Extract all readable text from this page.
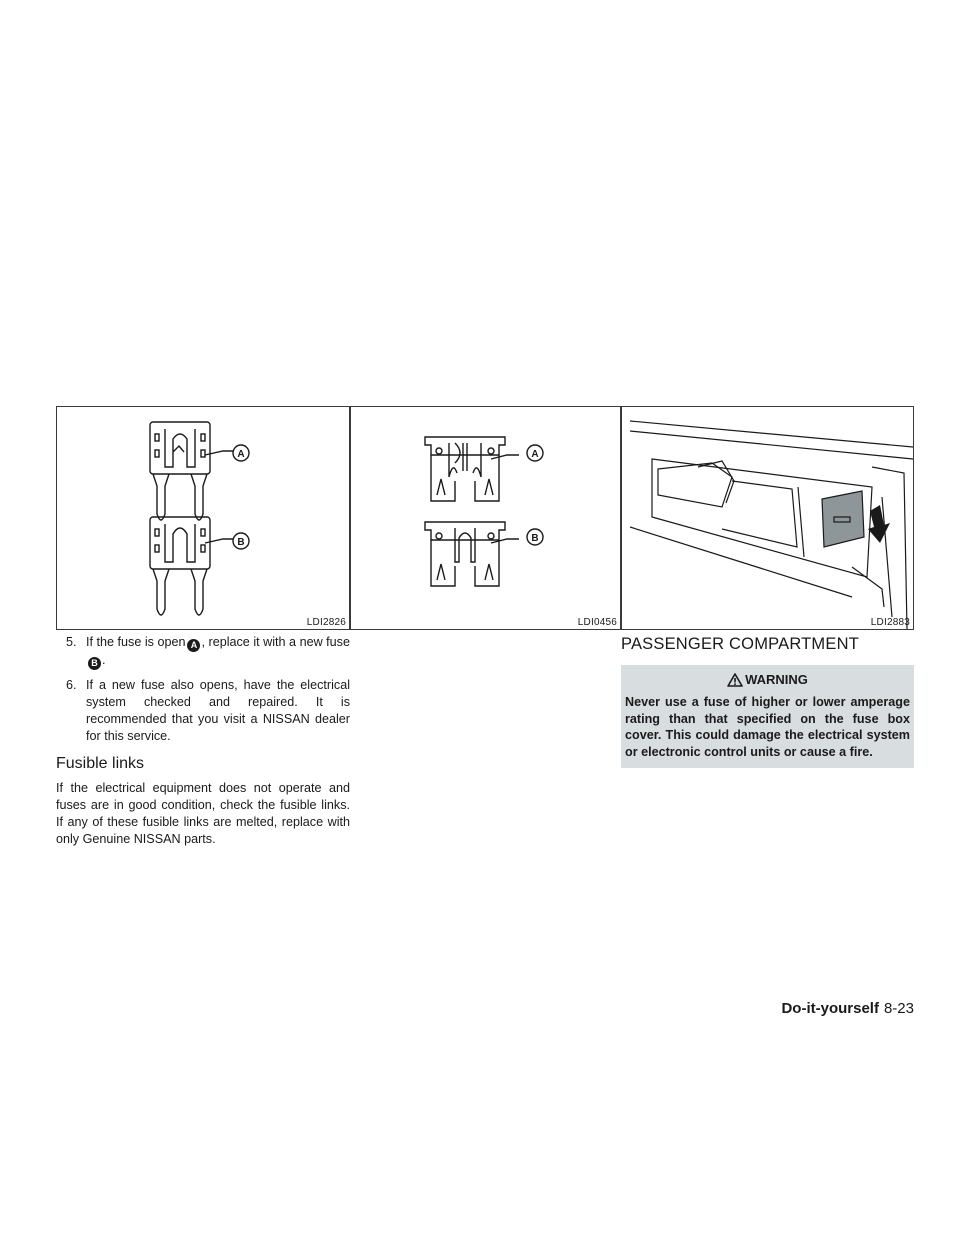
A
B
LDI2826
A
B
LDI0456	LDI2883
5. If the fuse is open A , replace it with a new fuseB .
6. If a new fuse also opens, have the electrical system checked and repaired. It is recommended that you visit a NISSAN dealer for this service.
Fusible links

If the electrical equipment does not operate and fuses are in good condition, check the fusible links. If any of these fusible links are melted, replace with only Genuine NISSAN parts.

PASSENGER COMPARTMENT
WARNING
Never use a fuse of higher or lower amperage rating than that specified on the fuse box cover. This could damage the electrical system or electronic control units or cause a fire.
Do-it-yourself 8-23
